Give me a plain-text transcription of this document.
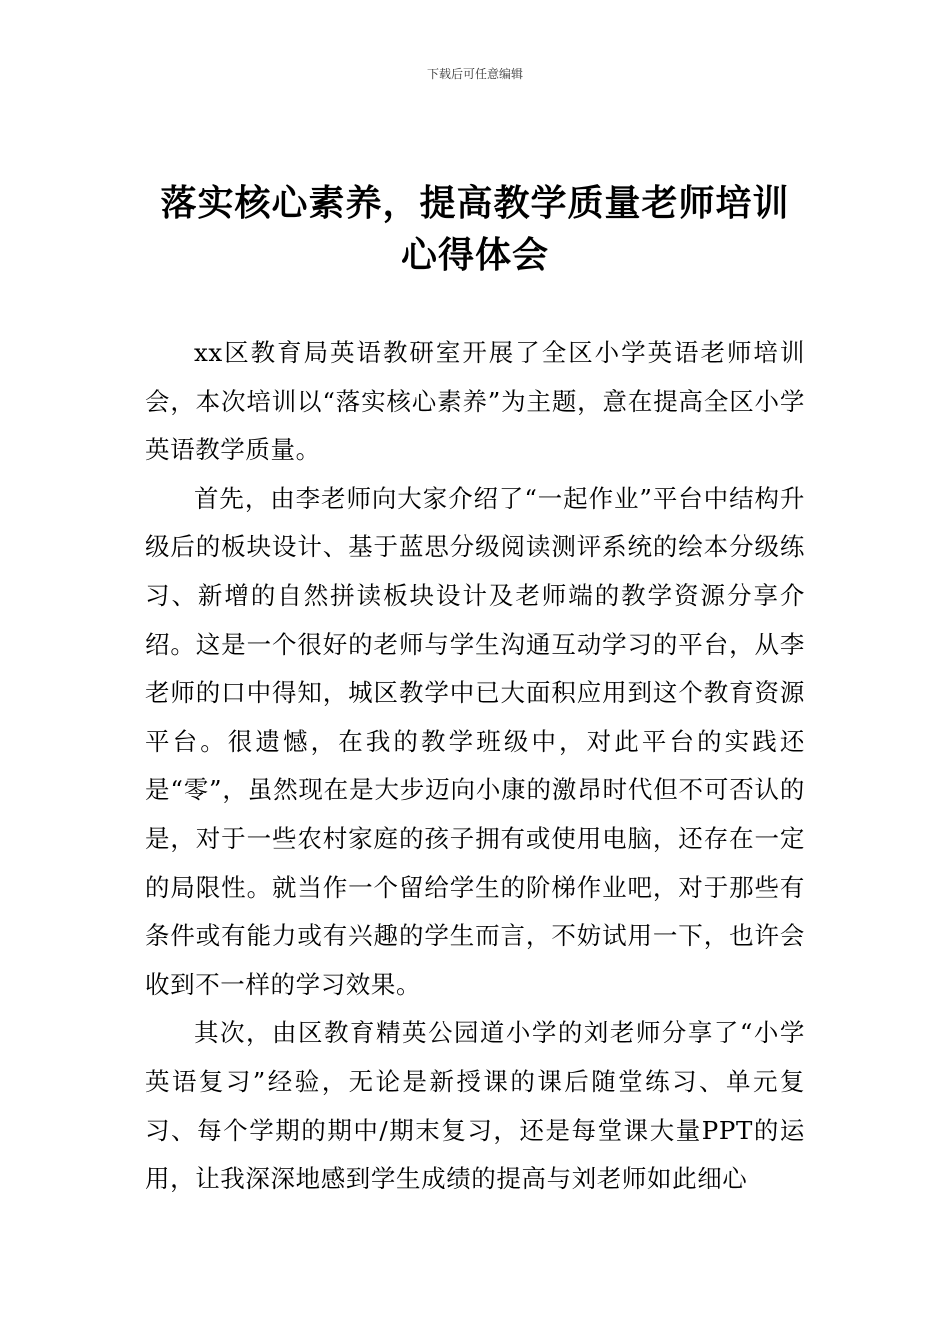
下载后可任意编辑
落实核心素养，提高教学质量老师培训
心得体会

xx区教育局英语教研室开展了全区小学英语老师培训会，本次培训以“落实核心素养”为主题，意在提高全区小学英语教学质量。

首先，由李老师向大家介绍了“一起作业”平台中结构升级后的板块设计、基于蓝思分级阅读测评系统的绘本分级练习、新增的自然拼读板块设计及老师端的教学资源分享介绍。这是一个很好的老师与学生沟通互动学习的平台，从李老师的口中得知，城区教学中已大面积应用到这个教育资源平台。很遗憾，在我的教学班级中，对此平台的实践还是“零”，虽然现在是大步迈向小康的激昂时代但不可否认的是，对于一些农村家庭的孩子拥有或使用电脑，还存在一定的局限性。就当作一个留给学生的阶梯作业吧，对于那些有条件或有能力或有兴趣的学生而言，不妨试用一下，也许会收到不一样的学习效果。

其次，由区教育精英公园道小学的刘老师分享了“小学英语复习”经验，无论是新授课的课后随堂练习、单元复习、每个学期的期中/期末复习，还是每堂课大量PPT的运用，让我深深地感到学生成绩的提高与刘老师如此细心
